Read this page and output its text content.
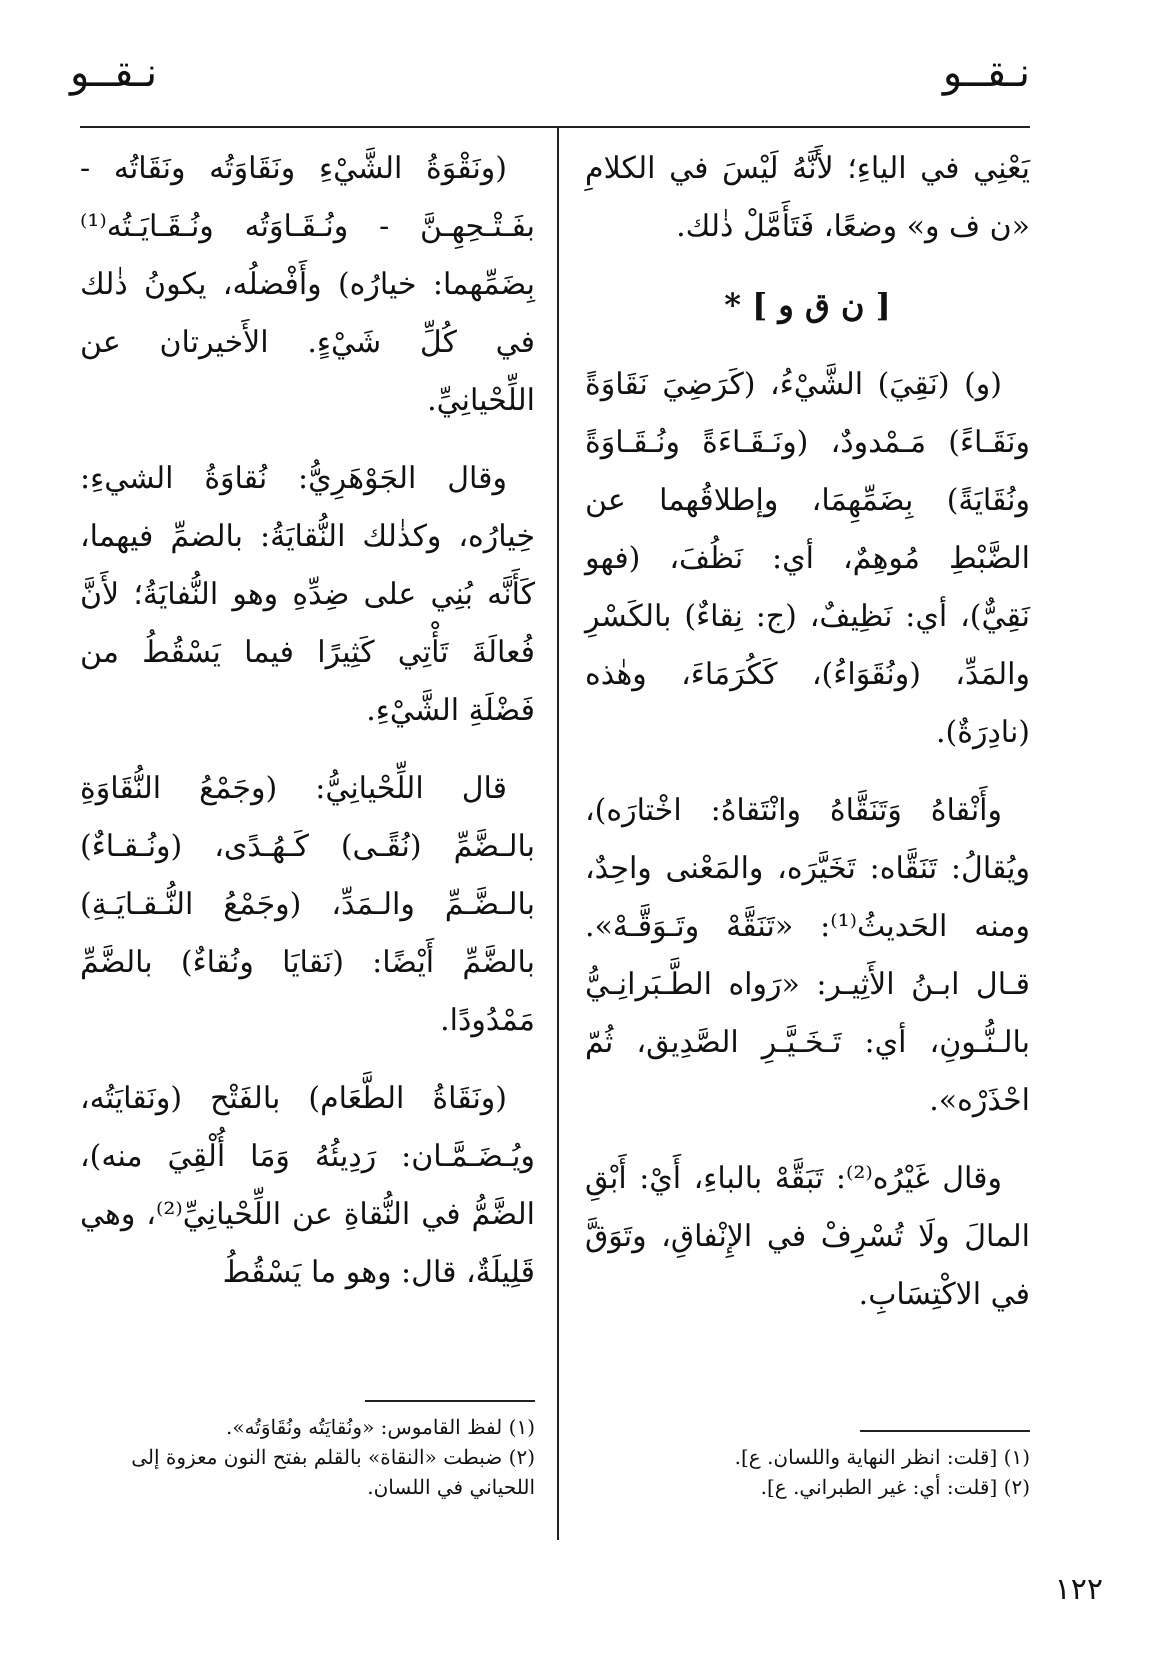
نـقــو
نـقــو

يَعْنِي في الياءِ؛ لأَنَّهُ لَيْسَ في الكلامِ «ن ف و» وضعًا، فَتَأَمَّلْ ذٰلك.

[ ن ق و ] *

(و) (نَقِيَ) الشَّيْءُ، (كَرَضِيَ نَقَاوَةً ونَقَـاءً) مَـمْدودٌ، (ونَـقَـاءَةً ونُـقَـاوَةً ونُقَايَةً) بِضَمِّهِمَا، وإطلاقُهما عن الضَّبْطِ مُوهِمٌ، أي: نَظُفَ، (فهو نَقِيٌّ)، أي: نَظِيفٌ، (ج: نِقاءٌ) بالكَسْرِ والمَدِّ، (ونُقَوَاءُ)، كَكُرَمَاءَ، وهٰذه (نادِرَةٌ).

وأَنْقاهُ وَتَنَقَّاهُ وانْتَقاهُ: اخْتارَه)، ويُقالُ: تَنَقَّاه: تَخَيَّرَه، والمَعْنى واحِدٌ، ومنه الحَديثُ⁽¹⁾: «تَنَقَّهْ وتَـوَقَّـهْ». قـال ابـنُ الأَثِيـر: «رَواه الطَّـبَرانِـيُّ بالـنُّـونِ، أي: تَـخَـيَّـرِ الصَّدِيق، ثُمّ احْذَرْه».

وقال غَيْرُه⁽²⁾: تَبَقَّهْ بالباءِ، أَيْ: أَبْقِ المالَ ولَا تُسْرِفْ في الإِنْفاقِ، وتَوَقَّ في الاكْتِسَابِ.

(١) [قلت: انظر النهاية واللسان. ع].

(٢) [قلت: أي: غير الطبراني. ع].

(ونَقْوَةُ الشَّيْءِ ونَقَاوَتُه ونَقَاتُه - بفَـتْـحِهِـنَّ - ونُـقَـاوَتُه ونُـقَـايَـتُه⁽¹⁾ بِضَمِّهما: خيارُه) وأَفْضلُه، يكونُ ذٰلك في كُلِّ شَيْءٍ. الأَخيرتان عن اللِّحْيانِيِّ.

وقال الجَوْهَرِيُّ: نُقاوَةُ الشيءِ: خِيارُه، وكذٰلك النُّقايَةُ: بالضمِّ فيهما، كَأَنَّه بُنِي على ضِدِّهِ وهو النُّفايَةُ؛ لأَنَّ فُعالَةَ تَأْتِي كَثِيرًا فيما يَسْقُطُ من فَضْلَةِ الشَّيْءِ.

قال اللِّحْيانِيُّ: (وجَمْعُ النُّقَاوَةِ بالـضَّمِّ (نُقًـى) كَـهُـدًى، (ونُـقـاءٌ) بالـضَّـمِّ والـمَدِّ، (وجَمْعُ النُّـقـايَـةِ) بالضَّمِّ أَيْضًا: (نَقايَا ونُقاءٌ) بالضَّمِّ مَمْدُودًا.

(ونَقَاةُ الطَّعَام) بالفَتْح (ونَقايَتُه، ويُـضَـمَّـان: رَدِيئُهُ وَمَا أُلْقِيَ منه)، الضَّمُّ في النُّقاةِ عن اللِّحْيانِيِّ⁽²⁾، وهي قَلِيلَةٌ، قال: وهو ما يَسْقُطُ

(١) لفظ القاموس: «ونُقايَتُه ونُقَاوَتُه».

(٢) ضبطت «النقاة» بالقلم بفتح النون معزوة إلى اللحياني في اللسان.

١٢٢
